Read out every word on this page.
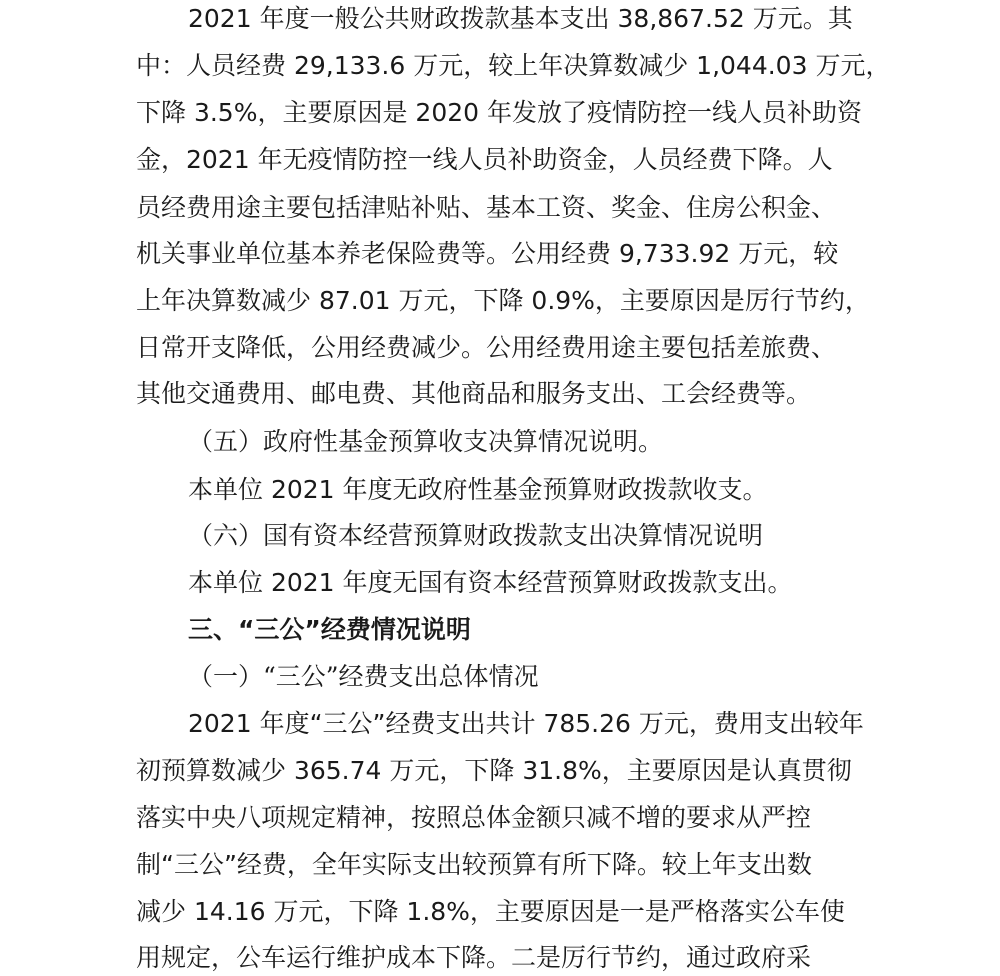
2021 年度一般公共财政拨款基本支出 38,867.52 万元。其
中：人员经费 29,133.6 万元，较上年决算数减少 1,044.03 万元，
下降 3.5%，主要原因是 2020 年发放了疫情防控一线人员补助资
金，2021 年无疫情防控一线人员补助资金，人员经费下降。人
员经费用途主要包括津贴补贴、基本工资、奖金、住房公积金、
机关事业单位基本养老保险费等。公用经费 9,733.92 万元，较
上年决算数减少 87.01 万元，下降 0.9%，主要原因是厉行节约，
日常开支降低，公用经费减少。公用经费用途主要包括差旅费、
其他交通费用、邮电费、其他商品和服务支出、工会经费等。
（五）政府性基金预算收支决算情况说明。
本单位 2021 年度无政府性基金预算财政拨款收支。
（六）国有资本经营预算财政拨款支出决算情况说明
本单位 2021 年度无国有资本经营预算财政拨款支出。
三、“三公”经费情况说明
（一）“三公”经费支出总体情况
2021 年度“三公”经费支出共计 785.26 万元，费用支出较年
初预算数减少 365.74 万元，下降 31.8%，主要原因是认真贯彻
落实中央八项规定精神，按照总体金额只减不增的要求从严控
制“三公”经费，全年实际支出较预算有所下降。较上年支出数
减少 14.16 万元，下降 1.8%，主要原因是一是严格落实公车使
用规定，公车运行维护成本下降。二是厉行节约，通过政府采
